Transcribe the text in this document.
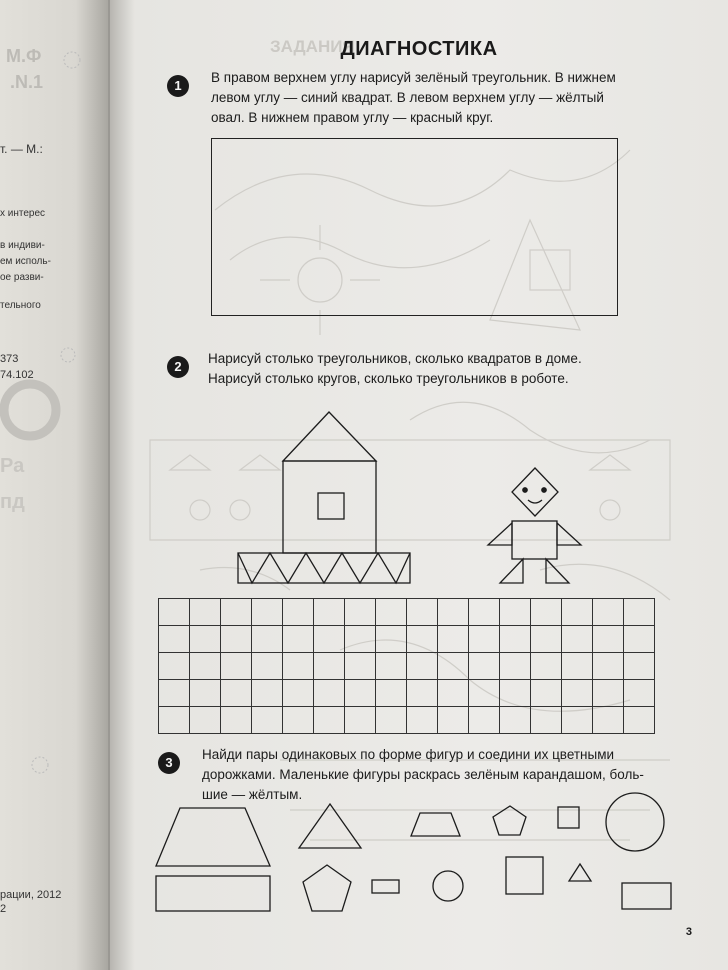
М.Ф
.N.1
т. — М.:
х интерес
в индиви-
ем исполь-
ое разви-
тельного
373
74.102
Ра
пд
рации, 2012
2
ЗАДАНИЯ
ДИАГНОСТИКА
1

В правом верхнем углу нарисуй зелёный треугольник. В нижнем

левом углу — синий квадрат. В левом верхнем углу — жёлтый

овал. В нижнем правом углу — красный круг.

2

Нарисуй столько треугольников, сколько квадратов в доме.

Нарисуй столько кругов, сколько треугольников в роботе.

3

Найди пары одинаковых по форме фигур и соедини их цветными

дорожками. Маленькие фигуры раскрась зелёным карандашом, боль-

шие — жёлтым.

3
